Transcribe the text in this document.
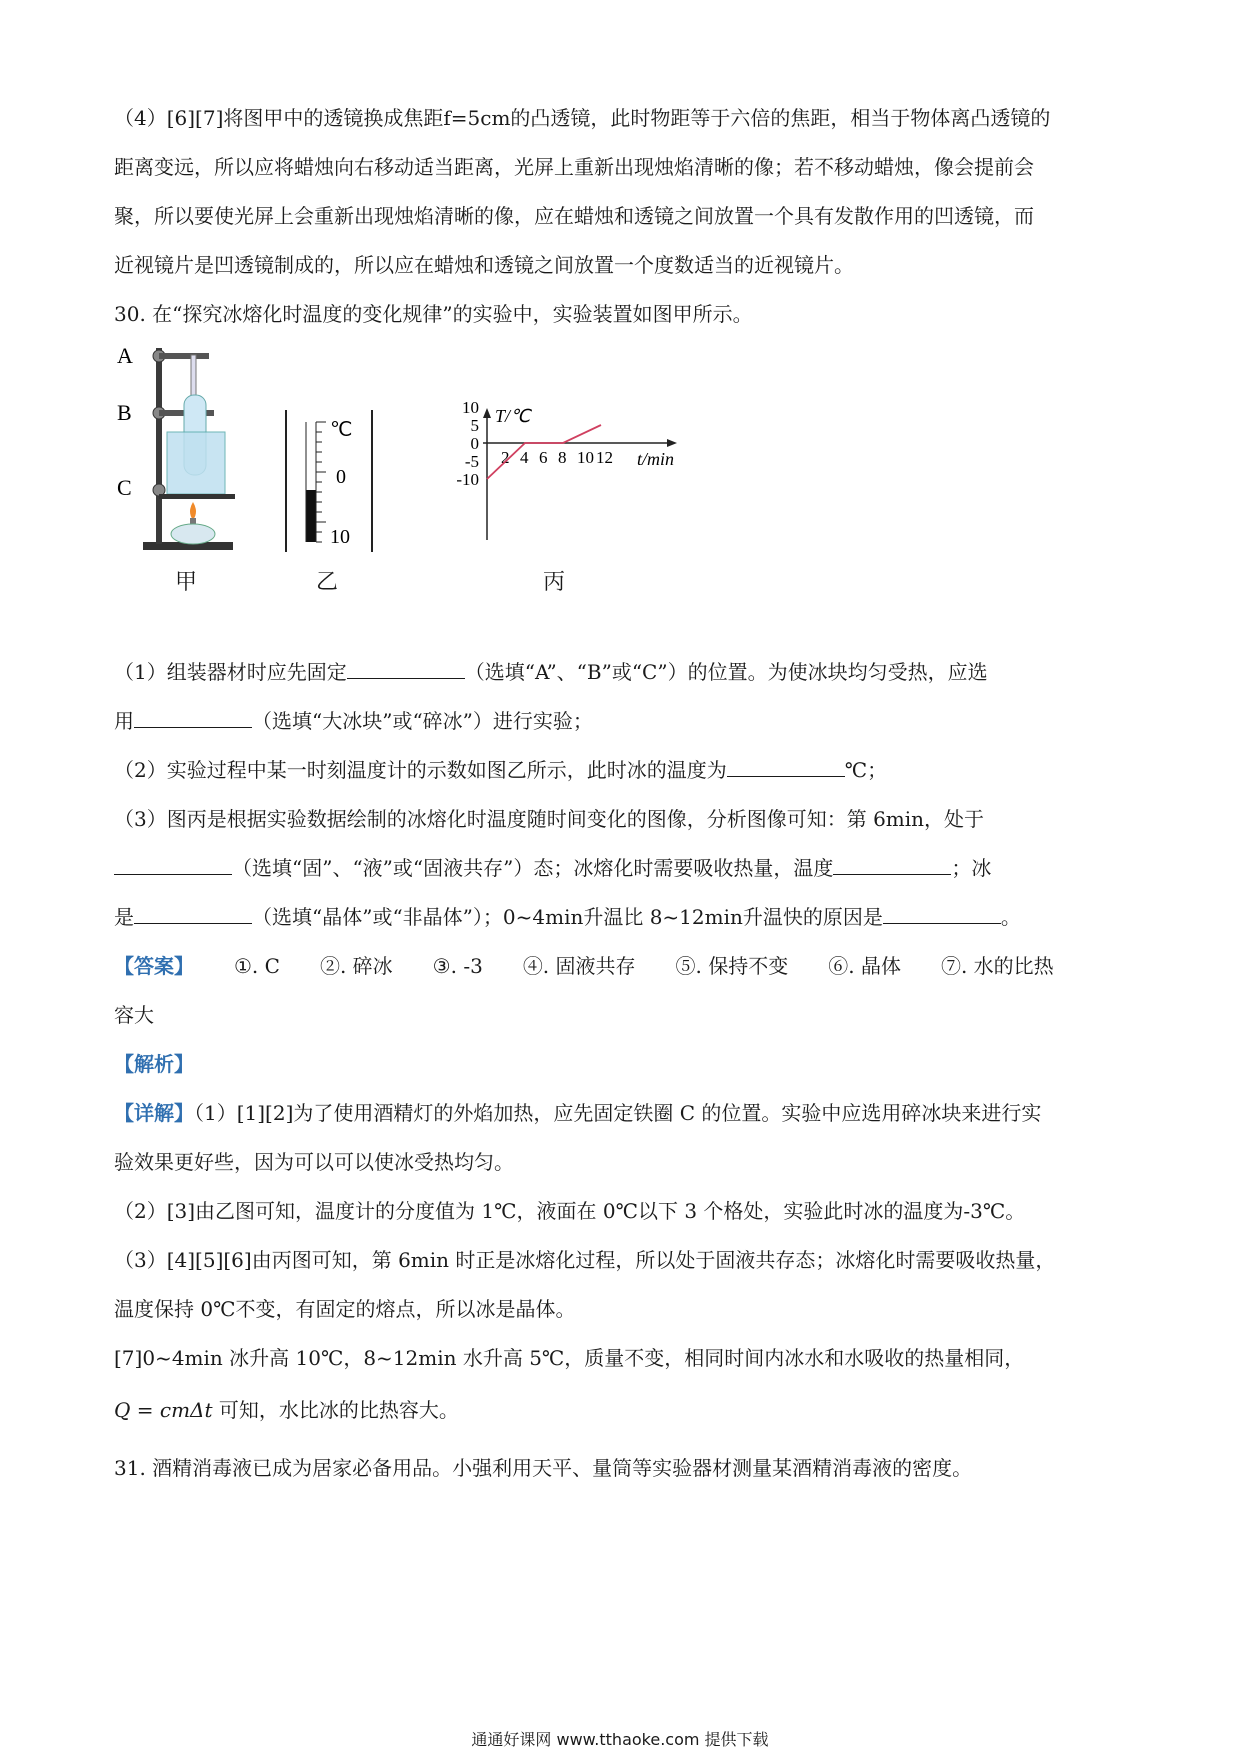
（4）[6][7]将图甲中的透镜换成焦距f=5cm的凸透镜，此时物距等于六倍的焦距，相当于物体离凸透镜的
距离变远，所以应将蜡烛向右移动适当距离，光屏上重新出现烛焰清晰的像；若不移动蜡烛，像会提前会
聚，所以要使光屏上会重新出现烛焰清晰的像，应在蜡烛和透镜之间放置一个具有发散作用的凹透镜，而
近视镜片是凹透镜制成的，所以应在蜡烛和透镜之间放置一个度数适当的近视镜片。
30. 在“探究冰熔化时温度的变化规律”的实验中，实验装置如图甲所示。
A
B
C
℃
0
10
T/℃
t/min
2 4 6 8 10 12
10
5
0
-5
-10
甲	乙	丙
（1）组装器材时应先固定	（选填“A”、“B”或“C”）的位置。为使冰块均匀受热，应选
用	（选填“大冰块”或“碎冰”）进行实验；
（2）实验过程中某一时刻温度计的示数如图乙所示，此时冰的温度为	℃；
（3）图丙是根据实验数据绘制的冰熔化时温度随时间变化的图像，分析图像可知：第 6min，处于
（选填“固”、“液”或“固液共存”）态；冰熔化时需要吸收热量，温度	；冰
是	（选填“晶体”或“非晶体”）；0~4min升温比 8~12min升温快的原因是	。
【答案】 ①. C ②. 碎冰 ③. -3 ④. 固液共存 ⑤. 保持不变 ⑥. 晶体 ⑦. 水的比热
容大
【解析】
【详解】（1）[1][2]为了使用酒精灯的外焰加热，应先固定铁圈 C 的位置。实验中应选用碎冰块来进行实
验效果更好些，因为可以可以使冰受热均匀。
（2）[3]由乙图可知，温度计的分度值为 1℃，液面在 0℃以下 3 个格处，实验此时冰的温度为-3℃。
（3）[4][5][6]由丙图可知，第 6min 时正是冰熔化过程，所以处于固液共存态；冰熔化时需要吸收热量，
温度保持 0℃不变，有固定的熔点，所以冰是晶体。
[7]0~4min 冰升高 10℃，8~12min 水升高 5℃，质量不变，相同时间内冰水和水吸收的热量相同，
Q = cmΔt 可知，水比冰的比热容大。
31. 酒精消毒液已成为居家必备用品。小强利用天平、量筒等实验器材测量某酒精消毒液的密度。
通通好课网 www.tthaoke.com 提供下载
